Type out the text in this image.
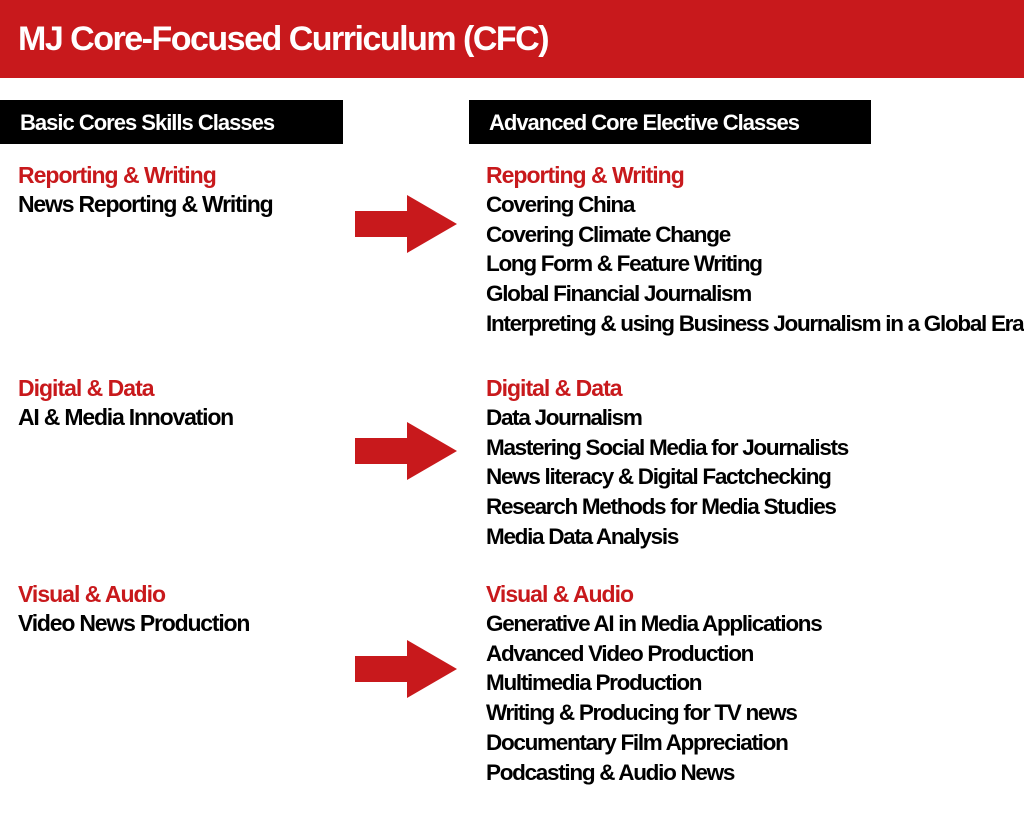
MJ Core-Focused Curriculum (CFC)
Basic Cores Skills Classes	Advanced Core Elective Classes
Reporting & Writing
News Reporting & Writing
Reporting & Writing
Covering China
Covering Climate Change
Long Form & Feature Writing
Global Financial Journalism
Interpreting & using Business Journalism in a Global Era
Digital & Data
AI & Media Innovation
Digital & Data
Data Journalism
Mastering Social Media for Journalists
News literacy & Digital Factchecking
Research Methods for Media Studies
Media Data Analysis
Visual & Audio
Video News Production
Visual & Audio
Generative AI in Media Applications
Advanced Video Production
Multimedia Production
Writing & Producing for TV news
Documentary Film Appreciation
Podcasting & Audio News
